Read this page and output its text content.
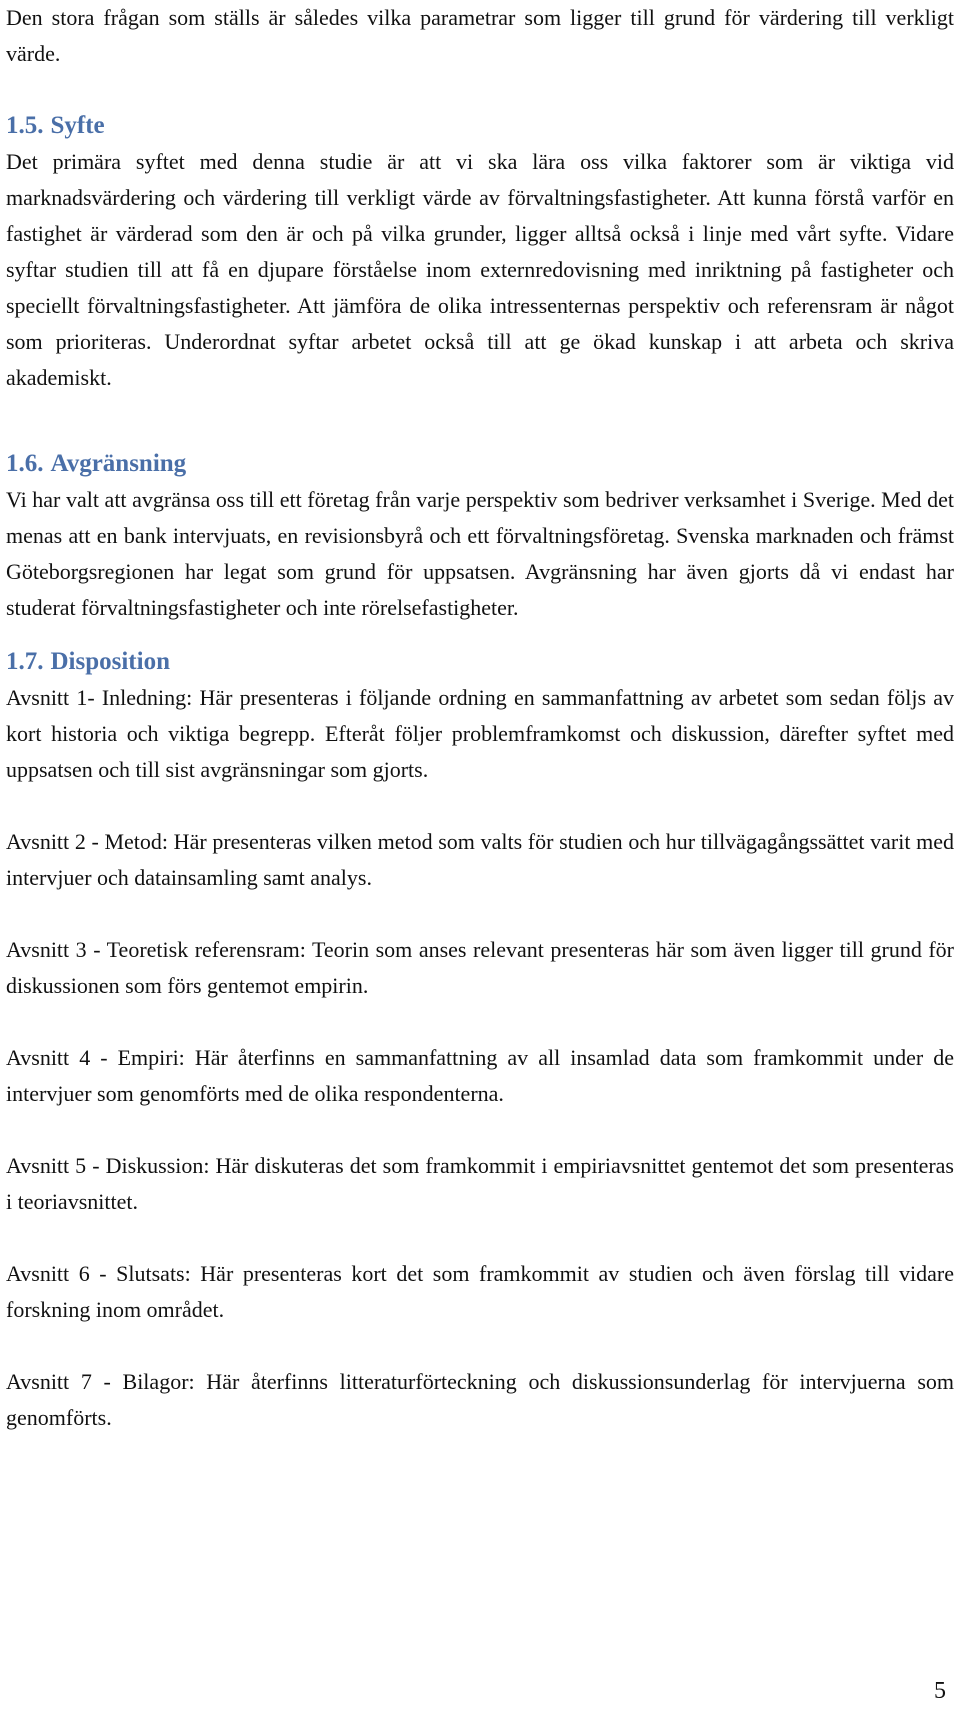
Den stora frågan som ställs är således vilka parametrar som ligger till grund för värdering till verkligt värde.

1.5. Syfte

Det primära syftet med denna studie är att vi ska lära oss vilka faktorer som är viktiga vid marknadsvärdering och värdering till verkligt värde av förvaltningsfastigheter. Att kunna förstå varför en fastighet är värderad som den är och på vilka grunder, ligger alltså också i linje med vårt syfte. Vidare syftar studien till att få en djupare förståelse inom externredovisning med inriktning på fastigheter och speciellt förvaltningsfastigheter. Att jämföra de olika intressenternas perspektiv och referensram är något som prioriteras. Underordnat syftar arbetet också till att ge ökad kunskap i att arbeta och skriva akademiskt.

1.6. Avgränsning

Vi har valt att avgränsa oss till ett företag från varje perspektiv som bedriver verksamhet i Sverige. Med det menas att en bank intervjuats, en revisionsbyrå och ett förvaltningsföretag. Svenska marknaden och främst Göteborgsregionen har legat som grund för uppsatsen. Avgränsning har även gjorts då vi endast har studerat förvaltningsfastigheter och inte rörelsefastigheter.

1.7. Disposition

Avsnitt 1- Inledning: Här presenteras i följande ordning en sammanfattning av arbetet som sedan följs av kort historia och viktiga begrepp. Efteråt följer problemframkomst och diskussion, därefter syftet med uppsatsen och till sist avgränsningar som gjorts.

Avsnitt 2 - Metod: Här presenteras vilken metod som valts för studien och hur tillvägagångssättet varit med intervjuer och datainsamling samt analys.

Avsnitt 3 - Teoretisk referensram: Teorin som anses relevant presenteras här som även ligger till grund för diskussionen som förs gentemot empirin.

Avsnitt 4 - Empiri: Här återfinns en sammanfattning av all insamlad data som framkommit under de intervjuer som genomförts med de olika respondenterna.

Avsnitt 5 - Diskussion: Här diskuteras det som framkommit i empiriavsnittet gentemot det som presenteras i teoriavsnittet.

Avsnitt 6 - Slutsats: Här presenteras kort det som framkommit av studien och även förslag till vidare forskning inom området.

Avsnitt 7 - Bilagor: Här återfinns litteraturförteckning och diskussionsunderlag för intervjuerna som genomförts.

5
